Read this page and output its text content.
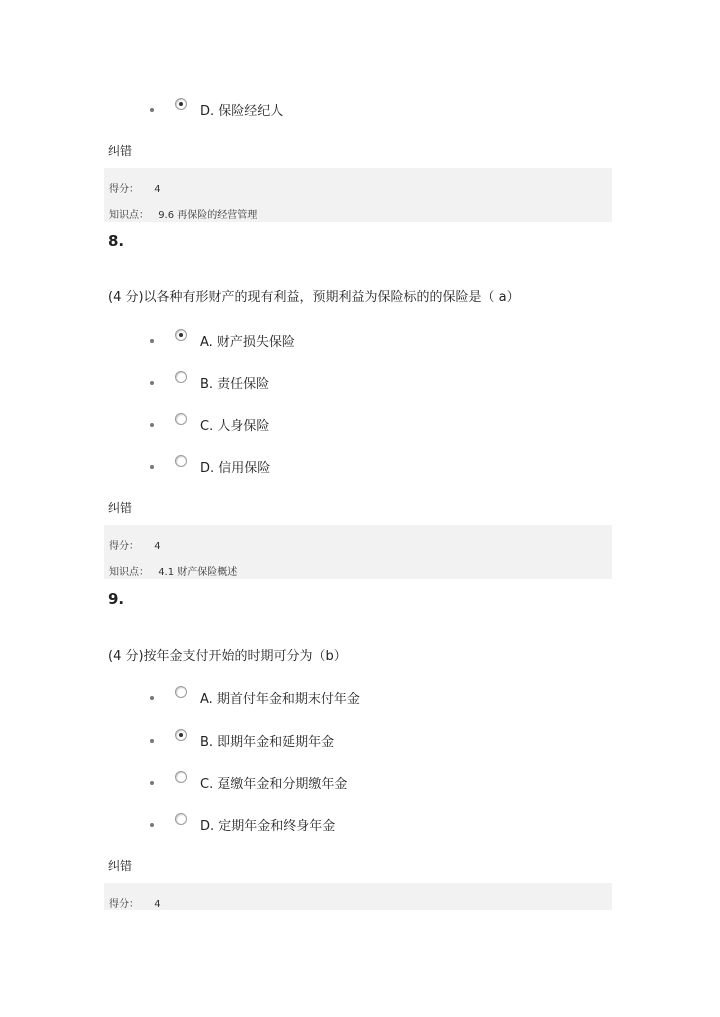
D. 保险经纪人
纠错
得分： 4
知识点： 9.6 再保险的经营管理
8.
(4 分)以各种有形财产的现有利益，预期利益为保险标的的保险是（ a）
A. 财产损失保险
B. 责任保险
C. 人身保险
D. 信用保险
纠错
得分： 4
知识点： 4.1 财产保险概述
9.
(4 分)按年金支付开始的时期可分为（b）
A. 期首付年金和期末付年金
B. 即期年金和延期年金
C. 趸缴年金和分期缴年金
D. 定期年金和终身年金
纠错
得分： 4
